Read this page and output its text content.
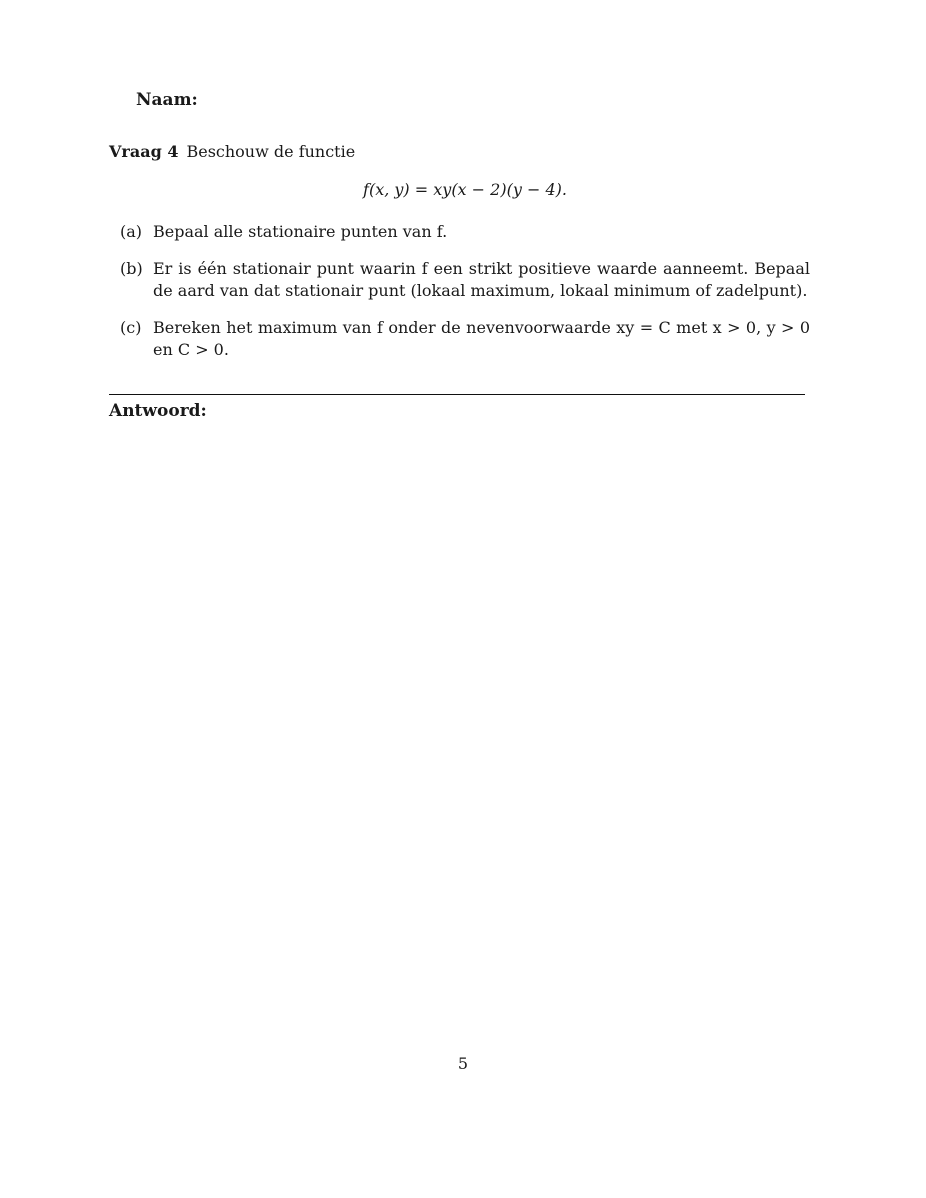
Naam:
Vraag 4 Beschouw de functie
f(x, y) = xy(x − 2)(y − 4).
(a) Bepaal alle stationaire punten van f.
(b) Er is één stationair punt waarin f een strikt positieve waarde aanneemt. Bepaal de aard van dat stationair punt (lokaal maximum, lokaal minimum of zadelpunt).
(c) Bereken het maximum van f onder de nevenvoorwaarde xy = C met x > 0, y > 0 en C > 0.
Antwoord:
5
